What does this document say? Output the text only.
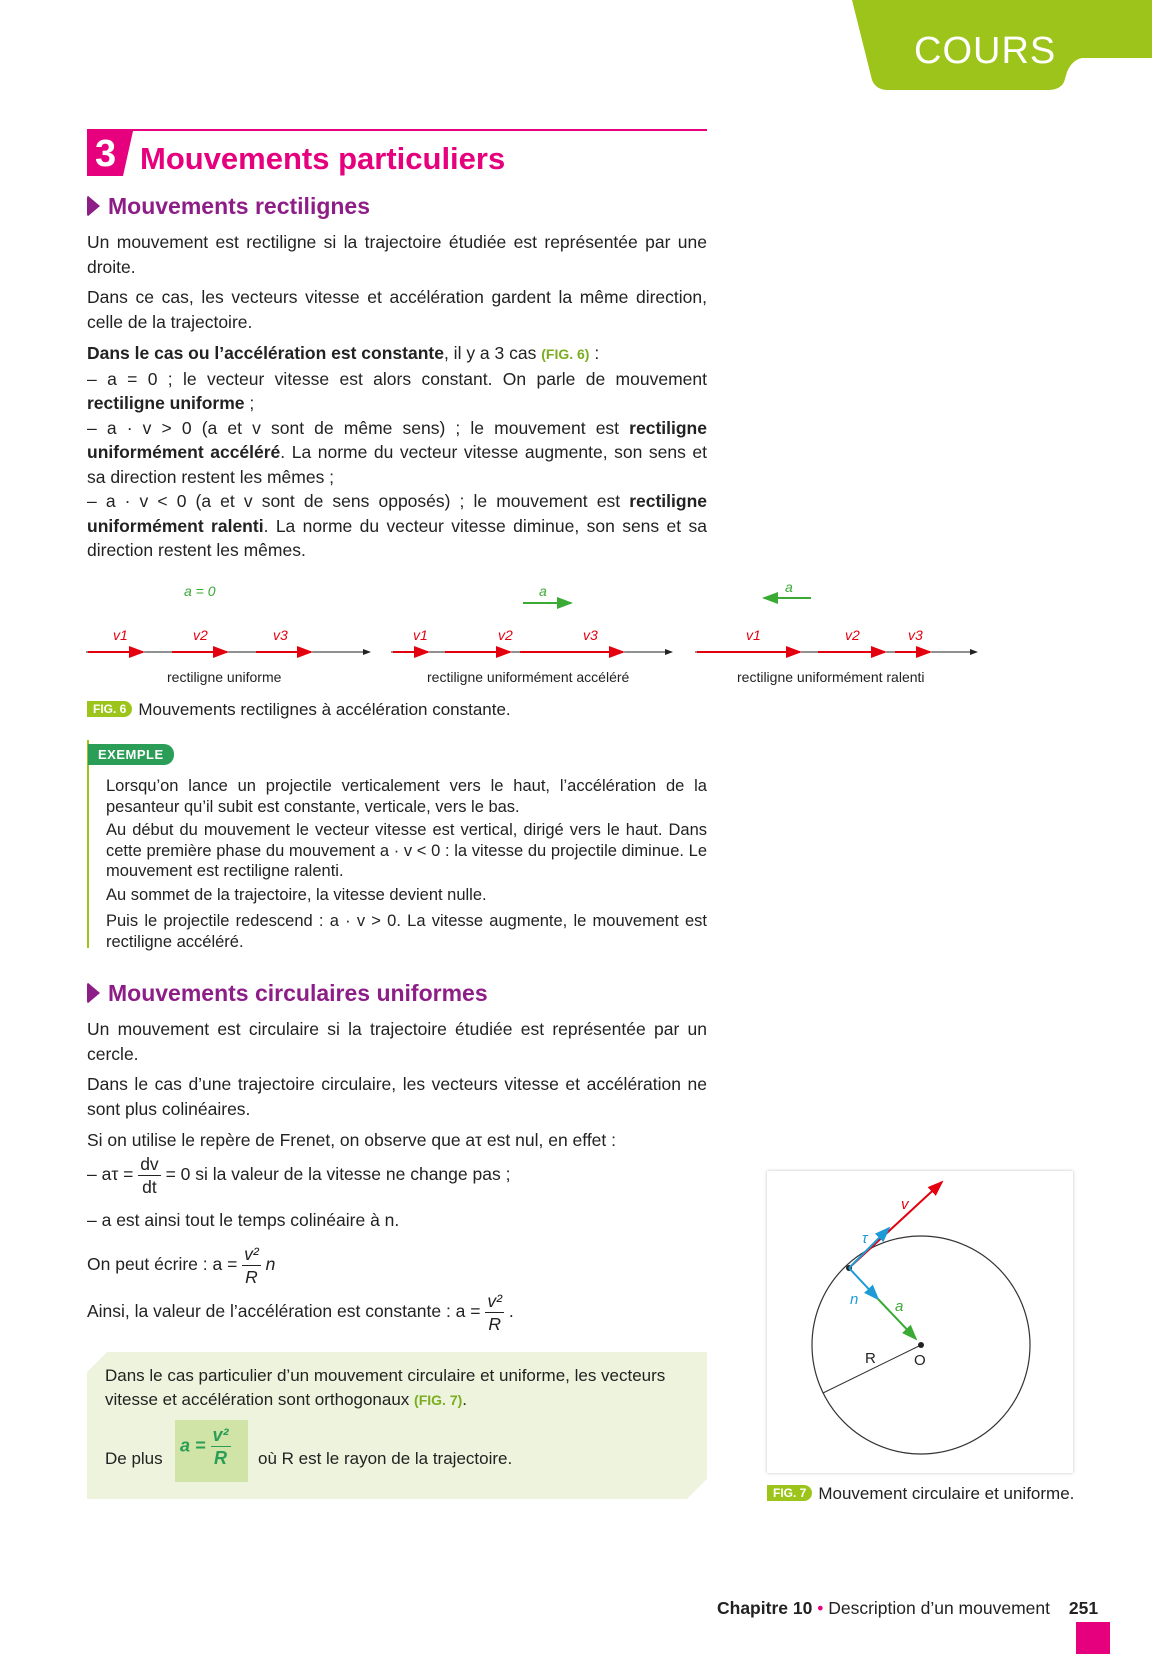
COURS
3 Mouvements particuliers
Mouvements rectilignes
Un mouvement est rectiligne si la trajectoire étudiée est représentée par une droite.
Dans ce cas, les vecteurs vitesse et accélération gardent la même direction, celle de la trajectoire.
Dans le cas ou l’accélération est constante, il y a 3 cas (FIG. 6) :
– a = 0 ; le vecteur vitesse est alors constant. On parle de mouvement rectiligne uniforme ;
– a · v > 0 (a et v sont de même sens) ; le mouvement est rectiligne uniformément accéléré. La norme du vecteur vitesse augmente, son sens et sa direction restent les mêmes ;
– a · v < 0 (a et v sont de sens opposés) ; le mouvement est rectiligne uniformément ralenti. La norme du vecteur vitesse diminue, son sens et sa direction restent les mêmes.
a = 0	a	a
v1	v2	v3	v1	v2	v3	v1	v2	v3
rectiligne uniforme	rectiligne uniformément accéléré	rectiligne uniformément ralenti
FIG. 6 Mouvements rectilignes à accélération constante.
EXEMPLE
Lorsqu’on lance un projectile verticalement vers le haut, l’accélération de la pesanteur qu’il subit est constante, verticale, vers le bas.
Au début du mouvement le vecteur vitesse est vertical, dirigé vers le haut. Dans cette première phase du mouvement a · v < 0 : la vitesse du projectile diminue. Le mouvement est rectiligne ralenti.
Au sommet de la trajectoire, la vitesse devient nulle.
Puis le projectile redescend : a · v > 0. La vitesse augmente, le mouvement est rectiligne accéléré.
Mouvements circulaires uniformes
Un mouvement est circulaire si la trajectoire étudiée est représentée par un cercle.
Dans le cas d’une trajectoire circulaire, les vecteurs vitesse et accélération ne sont plus colinéaires.
Si on utilise le repère de Frenet, on observe que aτ est nul, en effet :
– $a\tau = \frac{dv}{dt} = 0$ si la valeur de la vitesse ne change pas ;
– a est ainsi tout le temps colinéaire à n.
On peut écrire : $a = \frac{\text{v²}}{R}$ n
Ainsi, la valeur de l’accélération est constante : $a = \frac{\text{v²}}{R}$ .
Dans le cas particulier d’un mouvement circulaire et uniforme, les vecteurs vitesse et accélération sont orthogonaux (FIG. 7).
De plus
$a = \frac{\text{v²}}{R}$ où R est le rayon de la trajectoire.
v
τ
n a
R	O
FIG. 7 Mouvement circulaire et uniforme.
Chapitre 10 • Description d’un mouvement 251
